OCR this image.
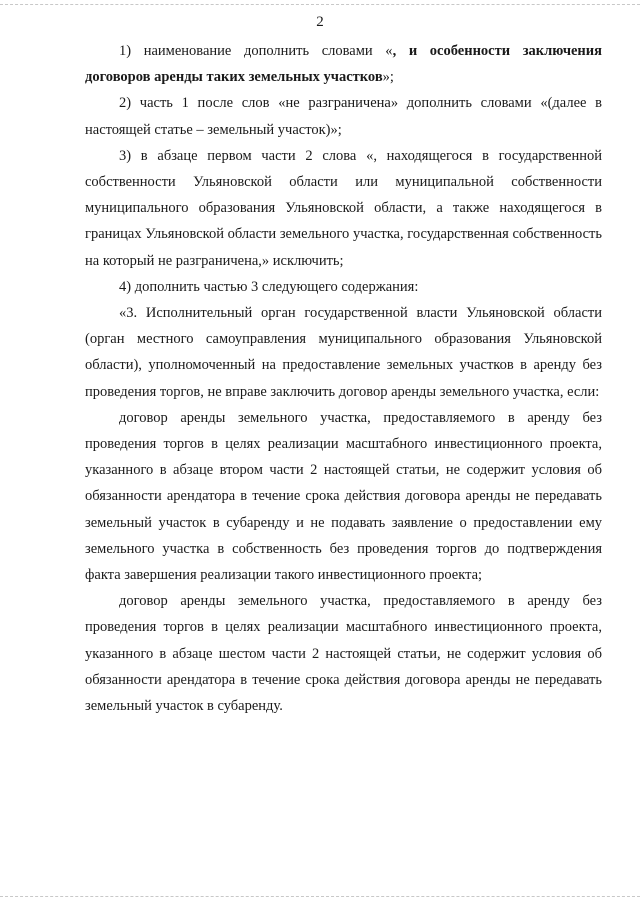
2

1) наименование дополнить словами «, и особенности заключения договоров аренды таких земельных участков»;

2) часть 1 после слов «не разграничена» дополнить словами «(далее в настоящей статье – земельный участок)»;

3) в абзаце первом части 2 слова «, находящегося в государственной собственности Ульяновской области или муниципальной собственности муниципального образования Ульяновской области, а также находящегося в границах Ульяновской области земельного участка, государственная собственность на который не разграничена,» исключить;

4) дополнить частью 3 следующего содержания:

«3. Исполнительный орган государственной власти Ульяновской области (орган местного самоуправления муниципального образования Ульяновской области), уполномоченный на предоставление земельных участков в аренду без проведения торгов, не вправе заключить договор аренды земельного участка, если:

договор аренды земельного участка, предоставляемого в аренду без проведения торгов в целях реализации масштабного инвестиционного проекта, указанного в абзаце втором части 2 настоящей статьи, не содержит условия об обязанности арендатора в течение срока действия договора аренды не передавать земельный участок в субаренду и не подавать заявление о предоставлении ему земельного участка в собственность без проведения торгов до подтверждения факта завершения реализации такого инвестиционного проекта;

договор аренды земельного участка, предоставляемого в аренду без проведения торгов в целях реализации масштабного инвестиционного проекта, указанного в абзаце шестом части 2 настоящей статьи, не содержит условия об обязанности арендатора в течение срока действия договора аренды не передавать земельный участок в субаренду.
